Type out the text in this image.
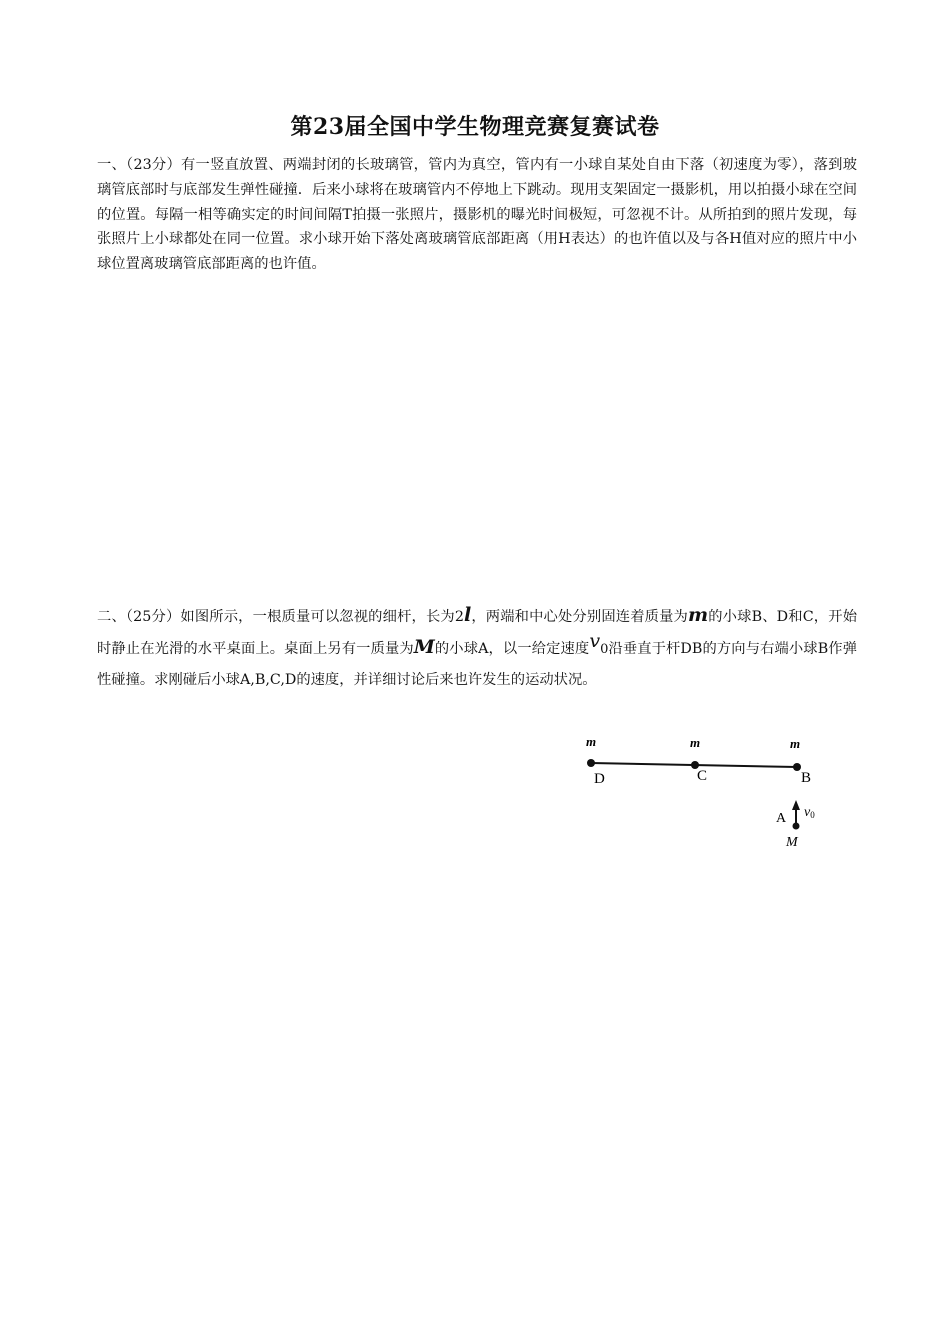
第23届全国中学生物理竞赛复赛试卷

一、（23分）有一竖直放置、两端封闭的长玻璃管，管内为真空，管内有一小球自某处自由下落（初速度为零），落到玻璃管底部时与底部发生弹性碰撞．后来小球将在玻璃管内不停地上下跳动。现用支架固定一摄影机，用以拍摄小球在空间的位置。每隔一相等确实定的时间间隔T拍摄一张照片，摄影机的曝光时间极短，可忽视不计。从所拍到的照片发现，每张照片上小球都处在同一位置。求小球开始下落处离玻璃管底部距离（用H表达）的也许值以及与各H值对应的照片中小球位置离玻璃管底部距离的也许值。

二、（25分）如图所示，一根质量可以忽视的细杆，长为2l，两端和中心处分别固连着质量为m的小球B、D和C，开始时静止在光滑的水平桌面上。桌面上另有一质量为M的小球A，以一给定速度v0沿垂直于杆DB的方向与右端小球B作弹性碰撞。求刚碰后小球A,B,C,D的速度，并详细讨论后来也许发生的运动状况。

m	m	m
D	C	B
A v0
M
